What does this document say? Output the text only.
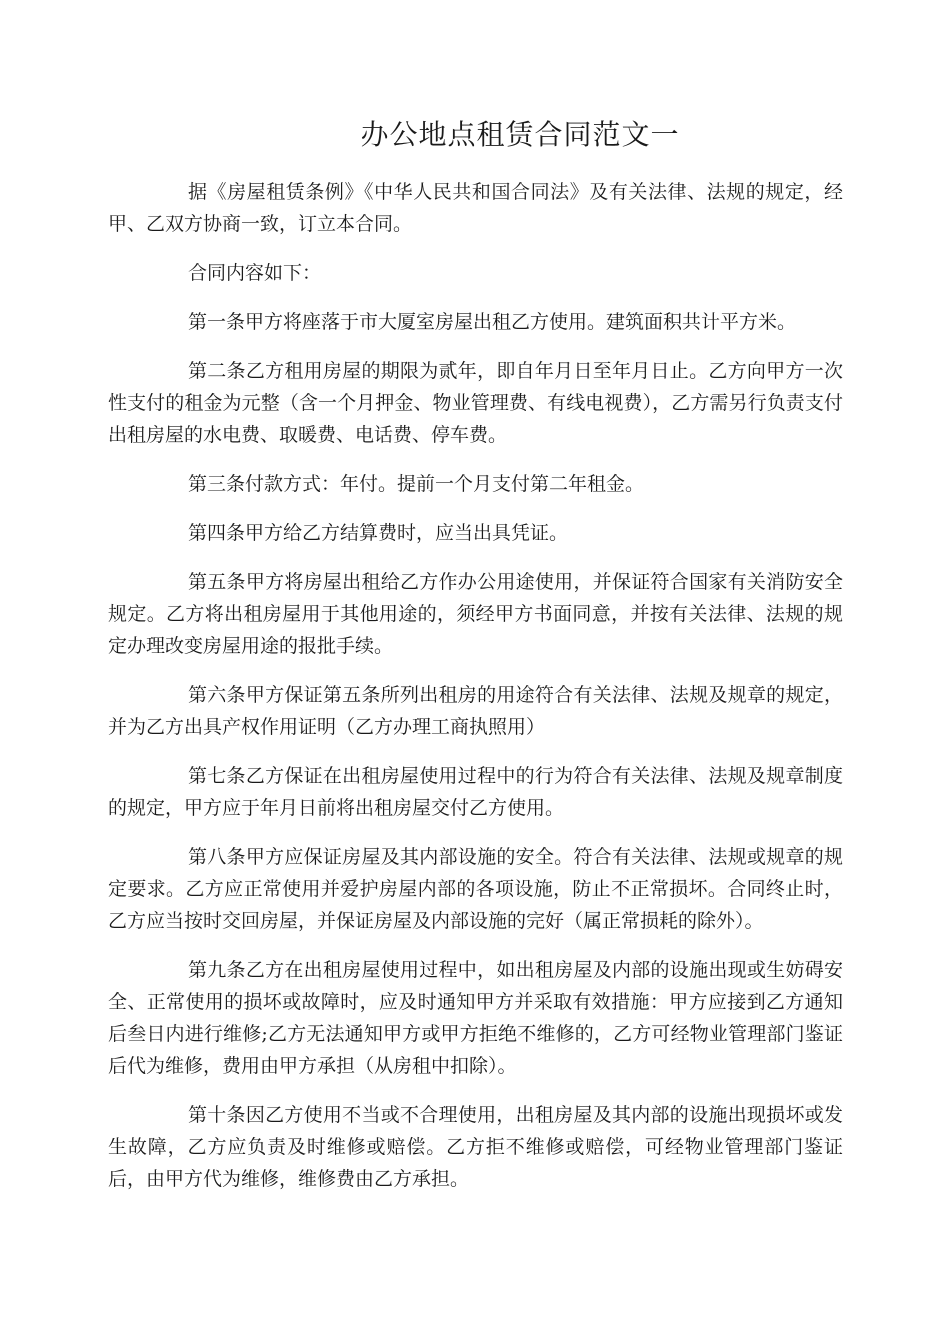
办公地点租赁合同范文一

据《房屋租赁条例》《中华人民共和国合同法》及有关法律、法规的规定，经甲、乙双方协商一致，订立本合同。

合同内容如下：

第一条甲方将座落于市大厦室房屋出租乙方使用。建筑面积共计平方米。

第二条乙方租用房屋的期限为贰年，即自年月日至年月日止。乙方向甲方一次性支付的租金为元整（含一个月押金、物业管理费、有线电视费），乙方需另行负责支付出租房屋的水电费、取暖费、电话费、停车费。

第三条付款方式：年付。提前一个月支付第二年租金。

第四条甲方给乙方结算费时，应当出具凭证。

第五条甲方将房屋出租给乙方作办公用途使用，并保证符合国家有关消防安全规定。乙方将出租房屋用于其他用途的，须经甲方书面同意，并按有关法律、法规的规定办理改变房屋用途的报批手续。

第六条甲方保证第五条所列出租房的用途符合有关法律、法规及规章的规定，并为乙方出具产权作用证明（乙方办理工商执照用）

第七条乙方保证在出租房屋使用过程中的行为符合有关法律、法规及规章制度的规定，甲方应于年月日前将出租房屋交付乙方使用。

第八条甲方应保证房屋及其内部设施的安全。符合有关法律、法规或规章的规定要求。乙方应正常使用并爱护房屋内部的各项设施，防止不正常损坏。合同终止时，乙方应当按时交回房屋，并保证房屋及内部设施的完好（属正常损耗的除外）。

第九条乙方在出租房屋使用过程中，如出租房屋及内部的设施出现或生妨碍安全、正常使用的损坏或故障时，应及时通知甲方并采取有效措施：甲方应接到乙方通知后叁日内进行维修;乙方无法通知甲方或甲方拒绝不维修的，乙方可经物业管理部门鉴证后代为维修，费用由甲方承担（从房租中扣除）。

第十条因乙方使用不当或不合理使用，出租房屋及其内部的设施出现损坏或发生故障，乙方应负责及时维修或赔偿。乙方拒不维修或赔偿，可经物业管理部门鉴证后，由甲方代为维修，维修费由乙方承担。
